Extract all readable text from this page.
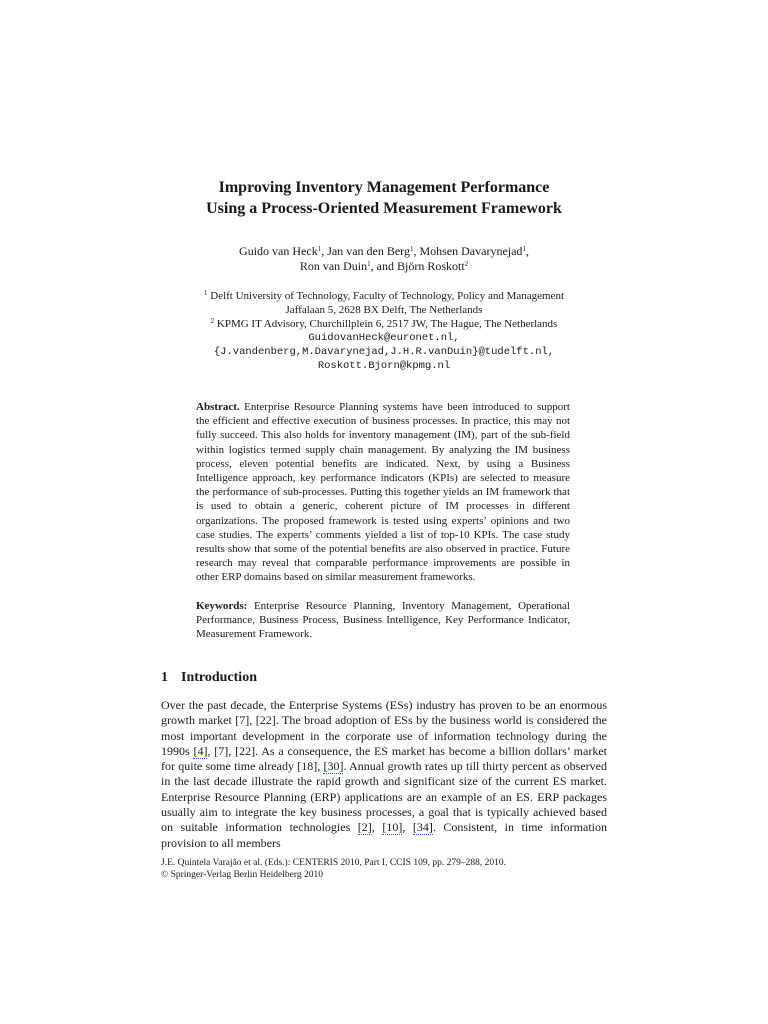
Improving Inventory Management Performance
Using a Process-Oriented Measurement Framework
Guido van Heck$^1$, Jan van den Berg$^1$, Mohsen Davarynejad$^1$,
Ron van Duin$^1$, and Björn Roskott$^2$
$^1$ Delft University of Technology, Faculty of Technology, Policy and Management
Jaffalaan 5, 2628 BX Delft, The Netherlands
$^2$ KPMG IT Advisory, Churchillplein 6, 2517 JW, The Hague, The Netherlands
GuidovanHeck@euronet.nl,
{J.vandenberg,M.Davarynejad,J.H.R.vanDuin}@tudelft.nl,
Roskott.Bjorn@kpmg.nl
Abstract. Enterprise Resource Planning systems have been introduced to support the efficient and effective execution of business processes. In practice, this may not fully succeed. This also holds for inventory management (IM), part of the sub-field within logistics termed supply chain management. By analyzing the IM business process, eleven potential benefits are indicated. Next, by using a Business Intelligence approach, key performance indicators (KPIs) are selected to measure the performance of sub-processes. Putting this together yields an IM framework that is used to obtain a generic, coherent picture of IM processes in different organizations. The proposed framework is tested using experts’ opinions and two case studies. The experts’ comments yielded a list of top-10 KPIs. The case study results show that some of the potential benefits are also observed in practice. Future research may reveal that comparable performance improvements are possible in other ERP domains based on similar measurement frameworks.
Keywords: Enterprise Resource Planning, Inventory Management, Operational Performance, Business Process, Business Intelligence, Key Performance Indicator, Measurement Framework.
1 Introduction
Over the past decade, the Enterprise Systems (ESs) industry has proven to be an enormous growth market [7], [22]. The broad adoption of ESs by the business world is considered the most important development in the corporate use of information technology during the 1990s [4], [7], [22]. As a consequence, the ES market has become a billion dollars’ market for quite some time already [18], [30]. Annual growth rates up till thirty percent as observed in the last decade illustrate the rapid growth and significant size of the current ES market. Enterprise Resource Planning (ERP) applications are an example of an ES. ERP packages usually aim to integrate the key business processes, a goal that is typically achieved based on suitable information technologies [2], [10], [34]. Consistent, in time information provision to all members
J.E. Quintela Varajão et al. (Eds.): CENTERIS 2010, Part I, CCIS 109, pp. 279–288, 2010.
© Springer-Verlag Berlin Heidelberg 2010
